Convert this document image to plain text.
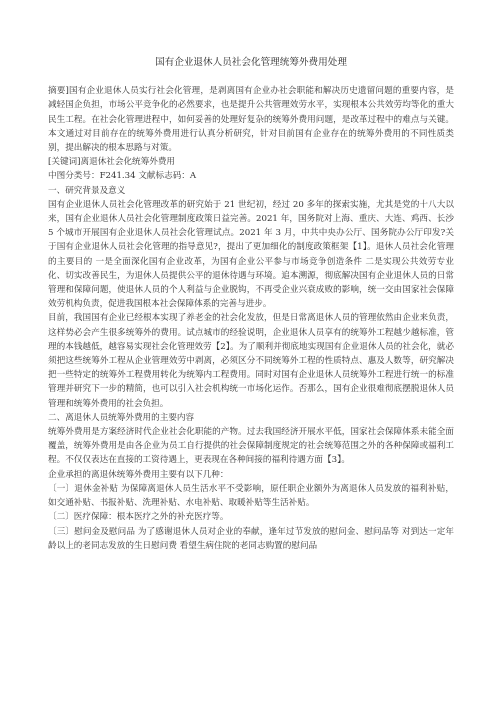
国有企业退休人员社会化管理统筹外费用处理

摘要]国有企业退休人员实行社会化管理，是剥离国有企业办社会职能和解决历史遗留问题的重要内容，是减轻国企负担，市场公平竞争化的必然要求，也是提升公共管理效劳水平，实现根本公共效劳均等化的重大民生工程。在社会化管理进程中，如何妥善的处理好复杂的统筹外费用问题，是改革过程中的难点与关键。本文通过对目前存在的统筹外费用进行认真分析研究，针对目前国有企业存在的统筹外费用的不同性质类别，提出解决的根本思路与对策。

[关键词]离退休社会化统筹外费用

中图分类号：F241.34 文献标志码：A

一、研究背景及意义

国有企业退休人员社会化管理改革的研究始于 21 世纪初，经过 20 多年的探索实施，尤其是党的十八大以来，国有企业退休人员社会化管理制度政策日益完善。2021 年，国务院对上海、重庆、大连、鸡西、长沙 5 个城市开展国有企业退休人员社会化管理试点。2021 年 3 月，中共中央办公厅、国务院办公厅印发?关于国有企业退休人员社会化管理的指导意见?，提出了更加细化的制度政策框架【1】。退休人员社会化管理的主要目的 一是全面深化国有企业改革，为国有企业公平参与市场竞争创造条件 二是实现公共效劳专业化、切实改善民生，为退休人员提供公平的退休待遇与环境。追本溯源，彻底解决国有企业退休人员的日常管理和保障问题，使退休人员的个人利益与企业脱钩，不再受企业兴衰成败的影响，统一交由国家社会保障效劳机构负责，促进我国根本社会保障体系的完善与进步。

目前，我国国有企业已经根本实现了养老金的社会化发放，但是日常离退休人员的管理依然由企业来负责，这样势必会产生很多统筹外的费用。试点城市的经验说明，企业退休人员享有的统筹外工程越少越标准，管理的本钱越低，越容易实现社会化管理效劳【2】。为了顺利并彻底地实现国有企业退休人员的社会化，就必须把这些统筹外工程从企业管理效劳中剥离，必须区分不同统筹外工程的性质特点、惠及人数等，研究解决把一些特定的统筹外工程费用转化为统筹内工程费用。同时对国有企业退休人员统筹外工程进行统一的标准管理并研究下一步的精简，也可以引入社会机构统一市场化运作。否那么，国有企业很难彻底摆脱退休人员管理和统筹外费用的社会负担。

二、离退休人员统筹外费用的主要内容

统筹外费用是方案经济时代企业社会化职能的产物。过去我国经济开展水平低，国家社会保障体系未能全面覆盖，统筹外费用是由各企业为员工自行提供的社会保障制度规定的社会统筹范围之外的各种保障或福利工程。不仅仅表达在直接的工资待遇上，更表现在各种间接的福利待遇方面【3】。

企业承担的离退休统筹外费用主要有以下几种：

〔一〕退休金补贴 为保障离退休人员生活水平不受影响，原任职企业额外为离退休人员发放的福利补贴，如交通补贴、书报补贴、洗理补贴、水电补贴、取暖补贴等生活补贴。

〔二〕医疗保障：根本医疗之外的补充医疗等。

〔三〕慰问金及慰问品 为了感谢退休人员对企业的奉献，逢年过节发放的慰问金、慰问品等 对到达一定年龄以上的老同志发放的生日慰问费 看望生病住院的老同志购置的慰问品
